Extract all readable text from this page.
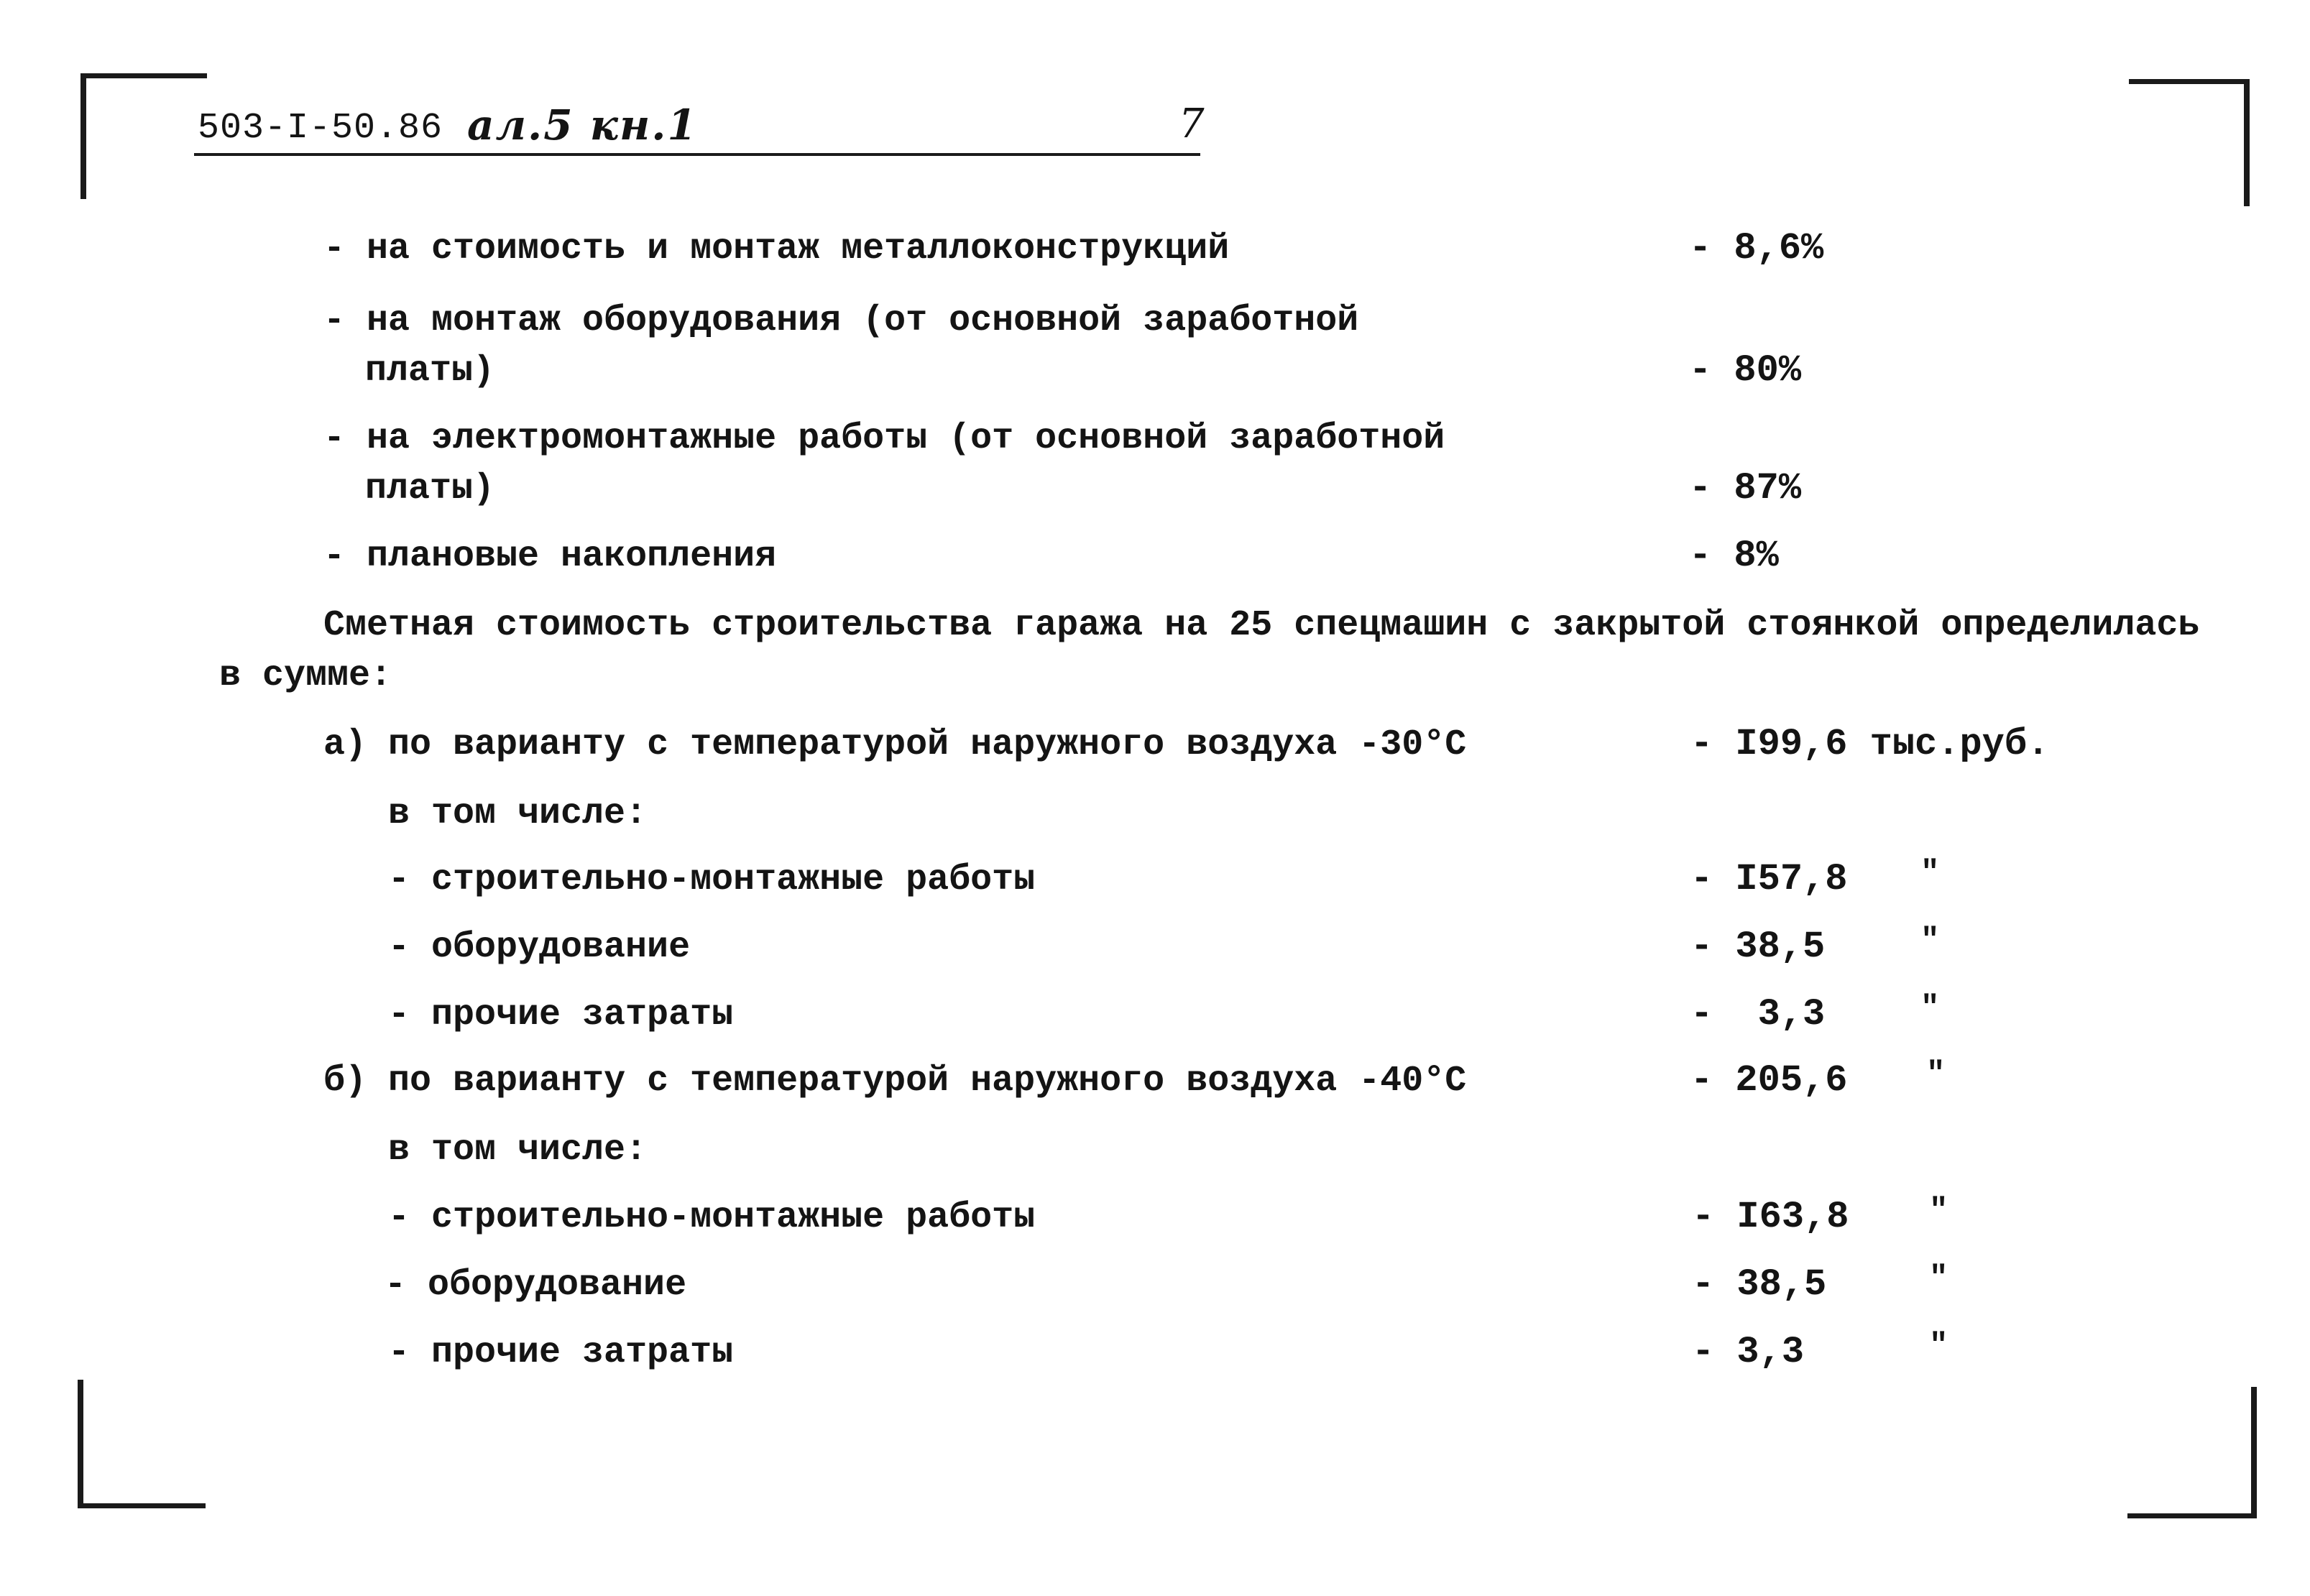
503-I-50.86 ал.5 кн.1	7
- на стоимость и монтаж металлоконструкций	- 8,6%
- на монтаж оборудования (от основной заработной
платы)	- 80%
- на электромонтажные работы (от основной заработной
платы)	- 87%
- плановые накопления	- 8%
Сметная стоимость строительства гаража на 25 спецмашин с закрытой стоянкой определилась
в сумме:
а) по варианту с температурой наружного воздуха -30°С	- I99,6 тыс.руб.
в том числе:
- строительно-монтажные работы	- I57,8 "
- оборудование	- 38,5	"
- прочие затраты	-  3,3	"
б) по варианту с температурой наружного воздуха -40°С	- 205,6 "
в том числе:
- строительно-монтажные работы	- I63,8	"
- оборудование	- 38,5	"
- прочие затраты	- 3,3	"
